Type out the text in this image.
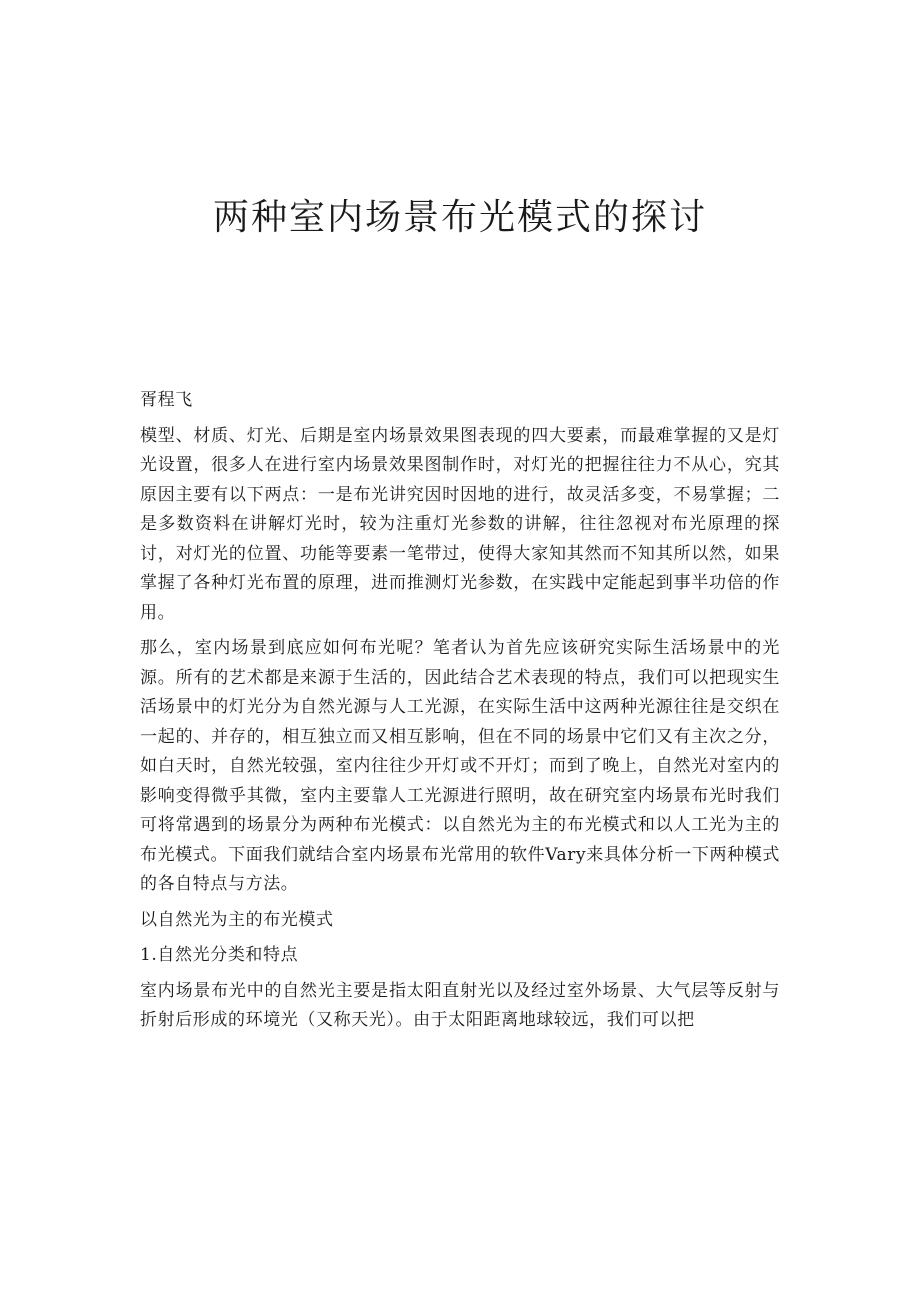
两种室内场景布光模式的探讨

胥程飞

模型、材质、灯光、后期是室内场景效果图表现的四大要素，而最难掌握的又是灯光设置，很多人在进行室内场景效果图制作时，对灯光的把握往往力不从心，究其原因主要有以下两点：一是布光讲究因时因地的进行，故灵活多变，不易掌握；二是多数资料在讲解灯光时，较为注重灯光参数的讲解，往往忽视对布光原理的探讨，对灯光的位置、功能等要素一笔带过，使得大家知其然而不知其所以然，如果掌握了各种灯光布置的原理，进而推测灯光参数，在实践中定能起到事半功倍的作用。

那么，室内场景到底应如何布光呢？笔者认为首先应该研究实际生活场景中的光源。所有的艺术都是来源于生活的，因此结合艺术表现的特点，我们可以把现实生活场景中的灯光分为自然光源与人工光源，在实际生活中这两种光源往往是交织在一起的、并存的，相互独立而又相互影响，但在不同的场景中它们又有主次之分，如白天时，自然光较强，室内往往少开灯或不开灯；而到了晚上，自然光对室内的影响变得微乎其微，室内主要靠人工光源进行照明，故在研究室内场景布光时我们可将常遇到的场景分为两种布光模式：以自然光为主的布光模式和以人工光为主的布光模式。下面我们就结合室内场景布光常用的软件Vary来具体分析一下两种模式的各自特点与方法。

以自然光为主的布光模式

1.自然光分类和特点

室内场景布光中的自然光主要是指太阳直射光以及经过室外场景、大气层等反射与折射后形成的环境光（又称天光）。由于太阳距离地球较远，我们可以把
